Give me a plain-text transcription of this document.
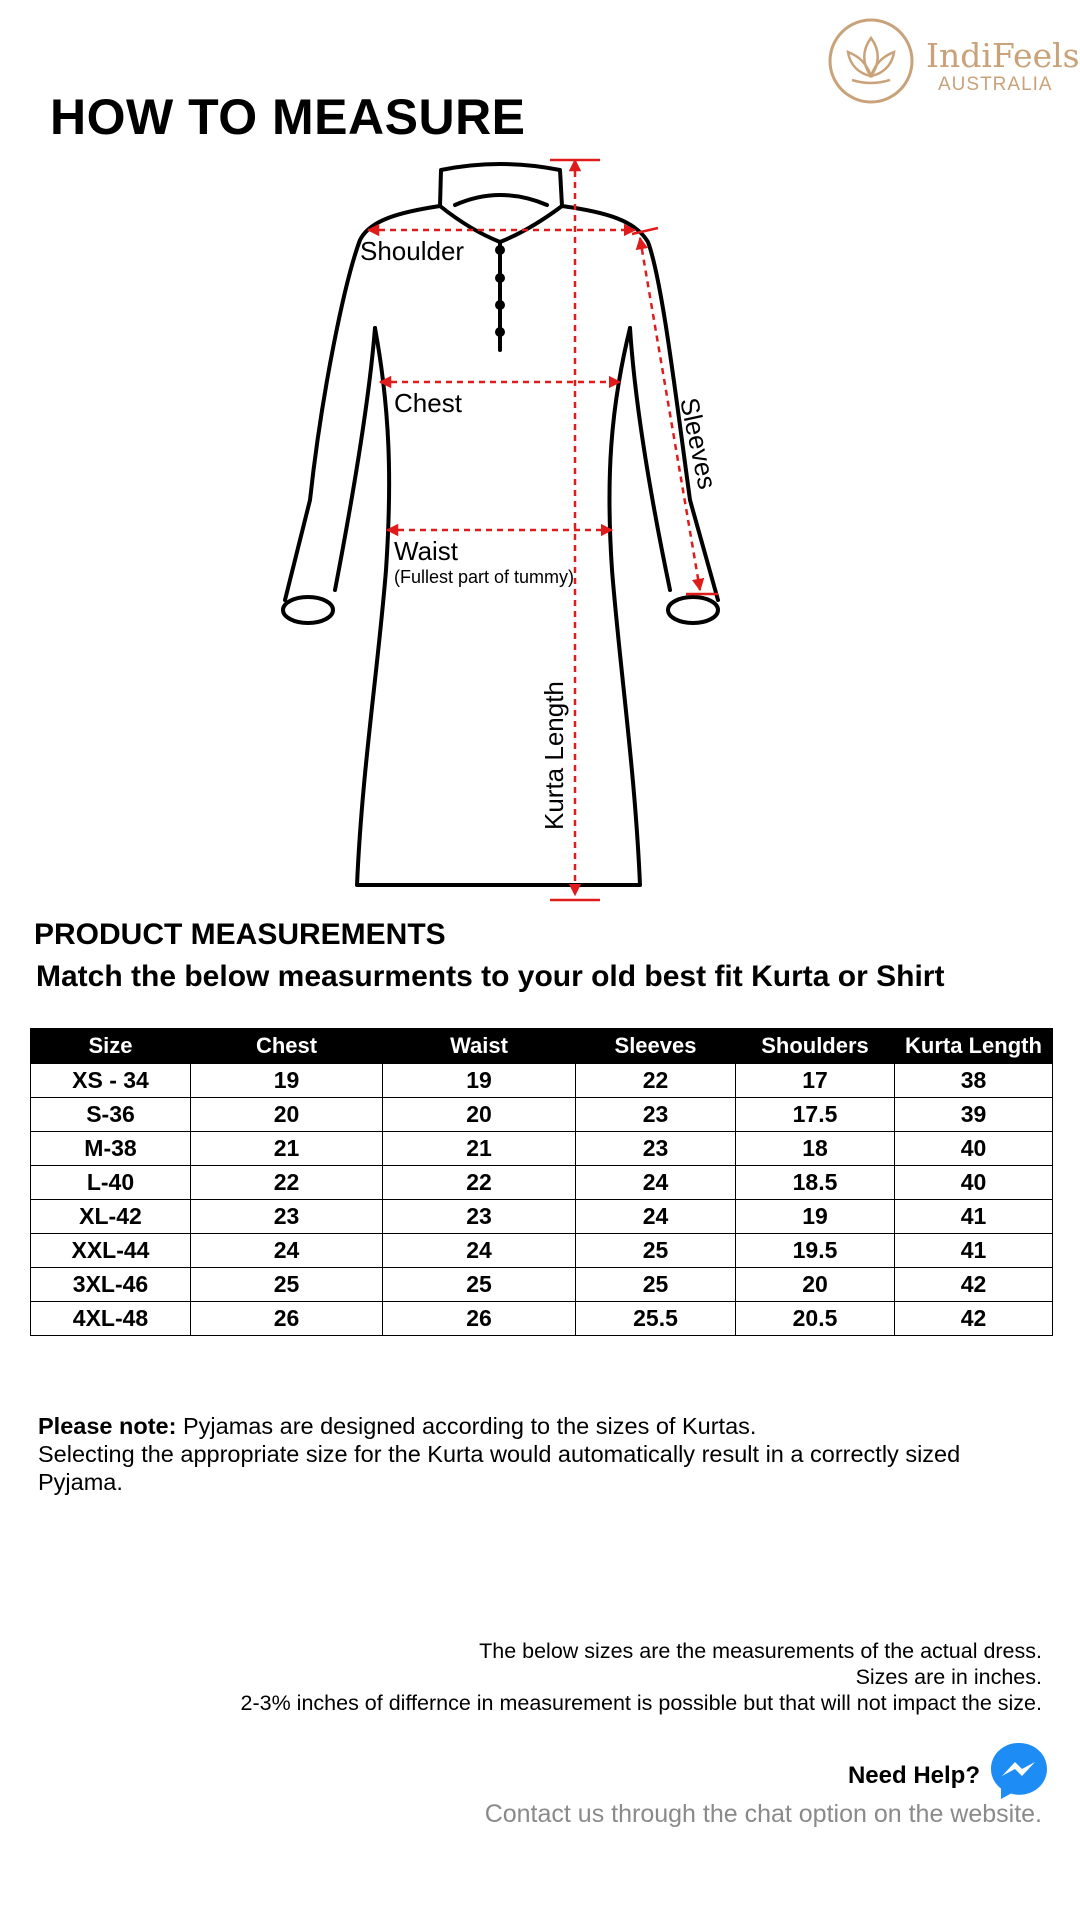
IndiFeels
AUSTRALIA
HOW TO MEASURE
Shoulder
Chest
Waist
(Fullest part of tummy)
Sleeves
Kurta Length
PRODUCT MEASUREMENTS
Match the below measurments to your old best fit Kurta or Shirt
Size	Chest	Waist	Sleeves	Shoulders	Kurta Length
XS - 34	19	19	22	17	38
S-36	20	20	23	17.5	39
M-38	21	21	23	18	40
L-40	22	22	24	18.5	40
XL-42	23	23	24	19	41
XXL-44	24	24	25	19.5	41
3XL-46	25	25	25	20	42
4XL-48	26	26	25.5	20.5	42
Please note: Pyjamas are designed according to the sizes of Kurtas.
Selecting the appropriate size for the Kurta would automatically result in a correctly sized Pyjama.
The below sizes are the measurements of the actual dress.
Sizes are in inches.
2-3% inches of differnce in measurement is possible but that will not impact the size.
Need Help?
Contact us through the chat option on the website.
